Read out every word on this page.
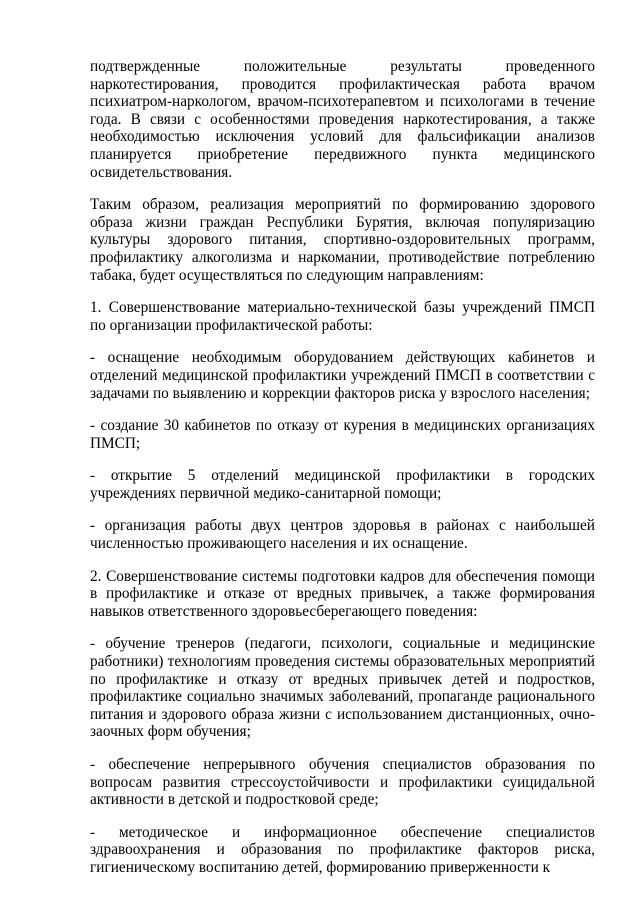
подтвержденные положительные результаты проведенного наркотестирования, проводится профилактическая работа врачом психиатром-наркологом, врачом-психотерапевтом и психологами в течение года. В связи с особенностями проведения наркотестирования, а также необходимостью исключения условий для фальсификации анализов планируется приобретение передвижного пункта медицинского освидетельствования.

Таким образом, реализация мероприятий по формированию здорового образа жизни граждан Республики Бурятия, включая популяризацию культуры здорового питания, спортивно-оздоровительных программ, профилактику алкоголизма и наркомании, противодействие потреблению табака, будет осуществляться по следующим направлениям:

1. Совершенствование материально-технической базы учреждений ПМСП по организации профилактической работы:

- оснащение необходимым оборудованием действующих кабинетов и отделений медицинской профилактики учреждений ПМСП в соответствии с задачами по выявлению и коррекции факторов риска у взрослого населения;

- создание 30 кабинетов по отказу от курения в медицинских организациях ПМСП;

- открытие 5 отделений медицинской профилактики в городских учреждениях первичной медико-санитарной помощи;

- организация работы двух центров здоровья в районах с наибольшей численностью проживающего населения и их оснащение.

2. Совершенствование системы подготовки кадров для обеспечения помощи в профилактике и отказе от вредных привычек, а также формирования навыков ответственного здоровьесберегающего поведения:

- обучение тренеров (педагоги, психологи, социальные и медицинские работники) технологиям проведения системы образовательных мероприятий по профилактике и отказу от вредных привычек детей и подростков, профилактике социально значимых заболеваний, пропаганде рационального питания и здорового образа жизни с использованием дистанционных, очно-заочных форм обучения;

- обеспечение непрерывного обучения специалистов образования по вопросам развития стрессоустойчивости и профилактики суицидальной активности в детской и подростковой среде;

- методическое и информационное обеспечение специалистов здравоохранения и образования по профилактике факторов риска, гигиеническому воспитанию детей, формированию приверженности к
